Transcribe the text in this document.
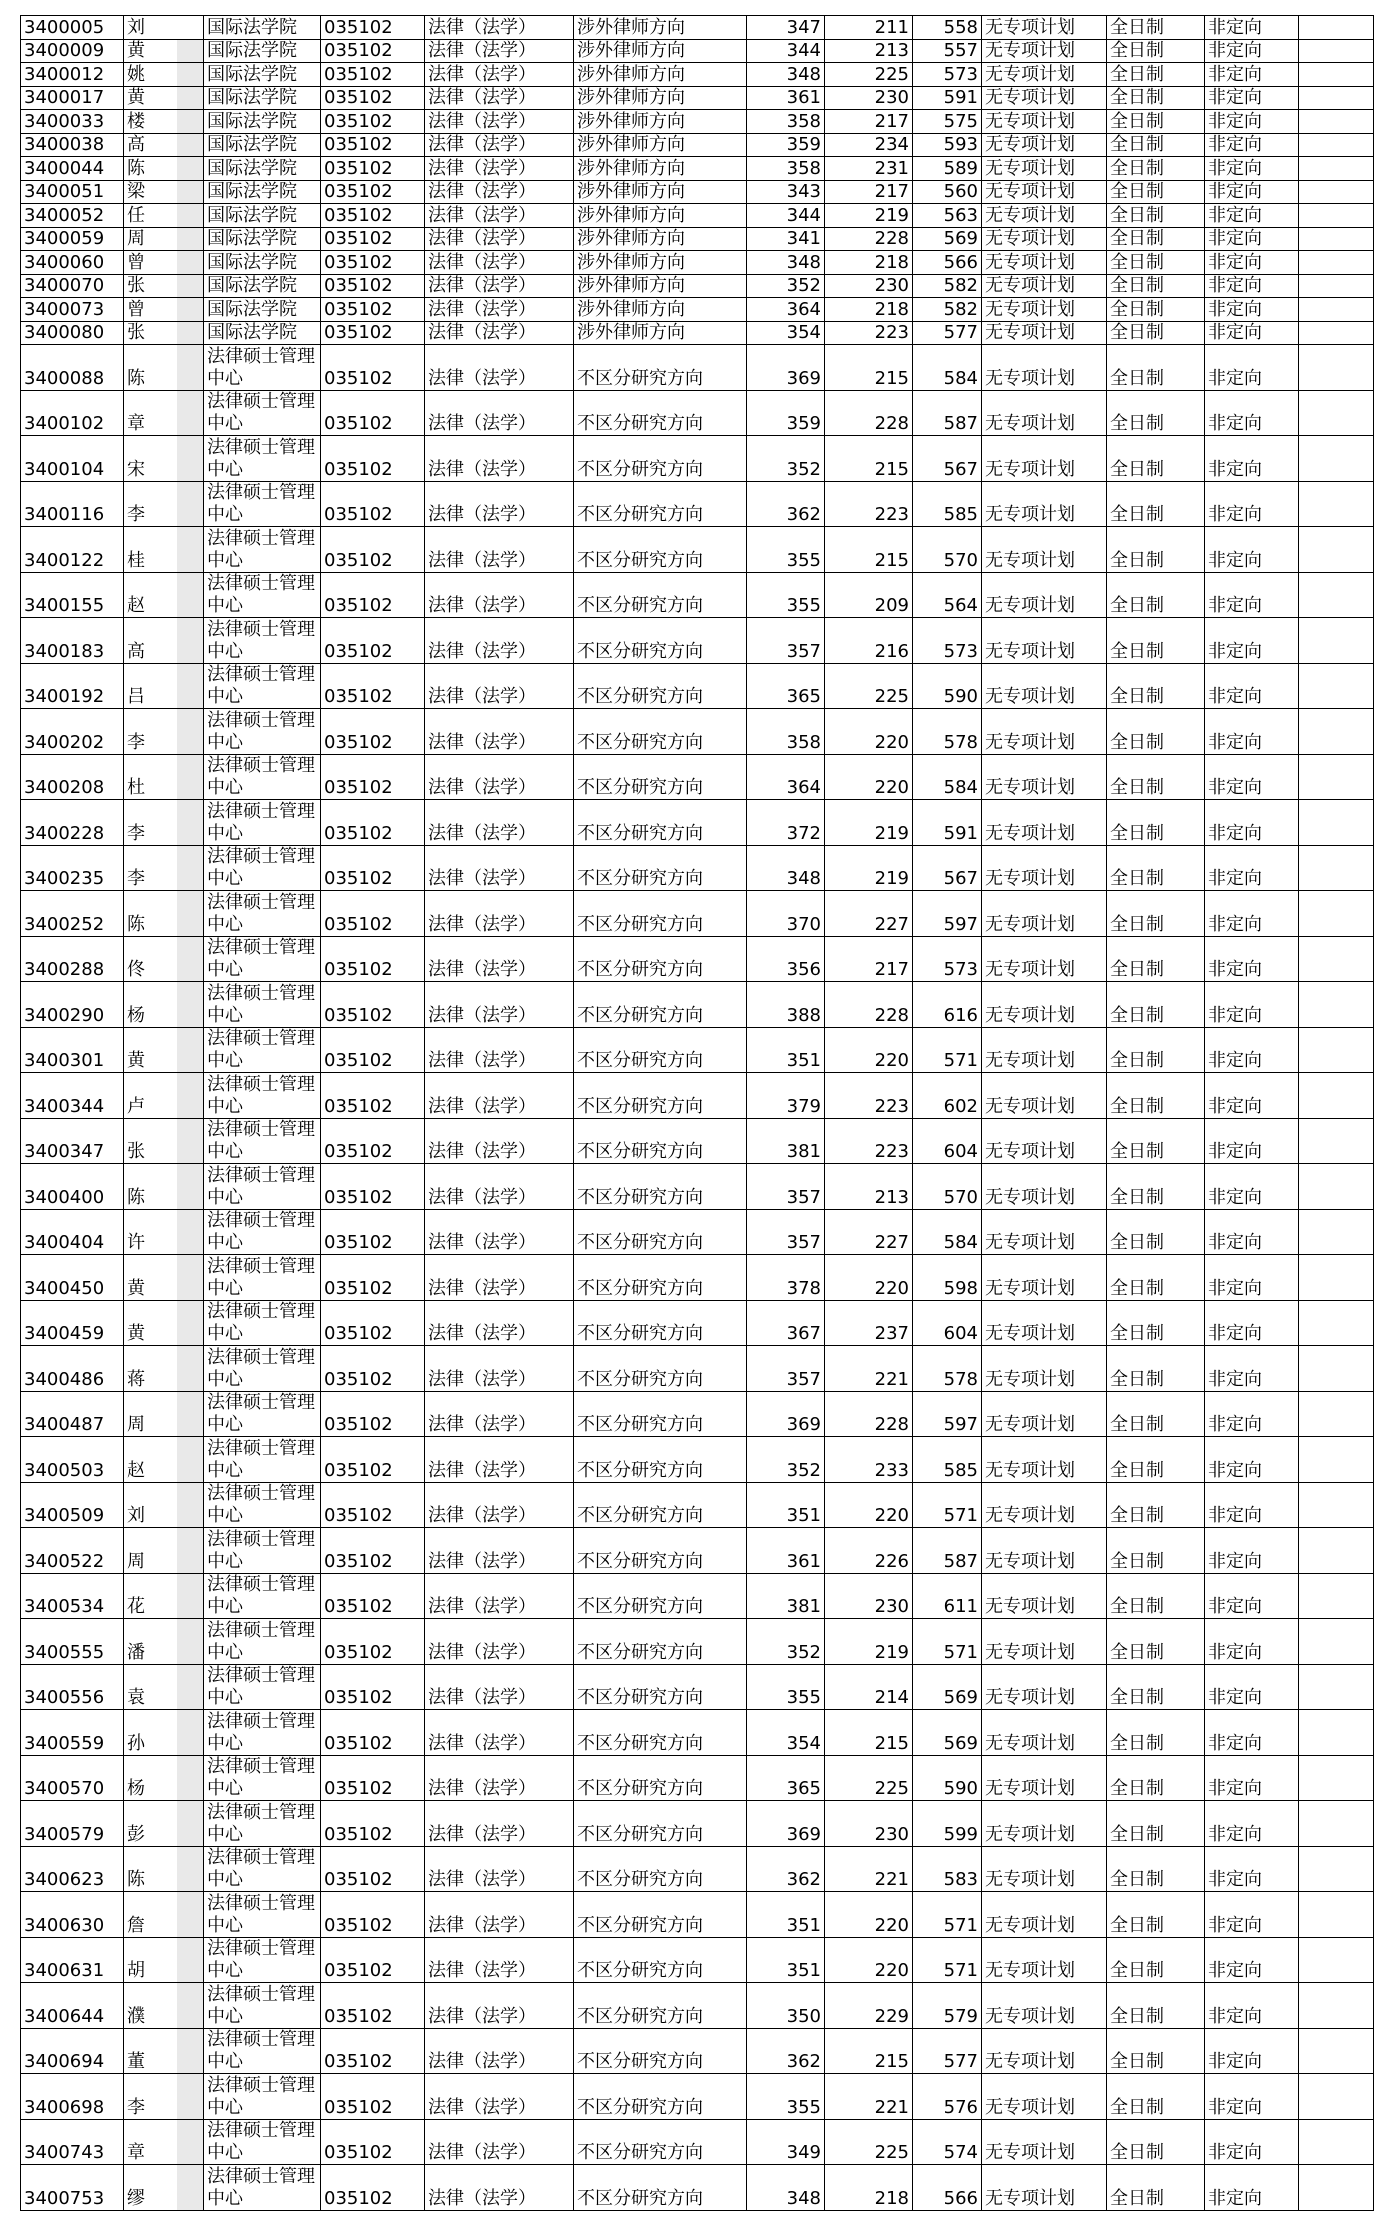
3400005	刘	国际法学院	035102	法律（法学）	涉外律师方向	347	211	558	无专项计划	全日制	非定向	
3400009	黄	国际法学院	035102	法律（法学）	涉外律师方向	344	213	557	无专项计划	全日制	非定向	
3400012	姚	国际法学院	035102	法律（法学）	涉外律师方向	348	225	573	无专项计划	全日制	非定向	
3400017	黄	国际法学院	035102	法律（法学）	涉外律师方向	361	230	591	无专项计划	全日制	非定向	
3400033	楼	国际法学院	035102	法律（法学）	涉外律师方向	358	217	575	无专项计划	全日制	非定向	
3400038	高	国际法学院	035102	法律（法学）	涉外律师方向	359	234	593	无专项计划	全日制	非定向	
3400044	陈	国际法学院	035102	法律（法学）	涉外律师方向	358	231	589	无专项计划	全日制	非定向	
3400051	梁	国际法学院	035102	法律（法学）	涉外律师方向	343	217	560	无专项计划	全日制	非定向	
3400052	任	国际法学院	035102	法律（法学）	涉外律师方向	344	219	563	无专项计划	全日制	非定向	
3400059	周	国际法学院	035102	法律（法学）	涉外律师方向	341	228	569	无专项计划	全日制	非定向	
3400060	曾	国际法学院	035102	法律（法学）	涉外律师方向	348	218	566	无专项计划	全日制	非定向	
3400070	张	国际法学院	035102	法律（法学）	涉外律师方向	352	230	582	无专项计划	全日制	非定向	
3400073	曾	国际法学院	035102	法律（法学）	涉外律师方向	364	218	582	无专项计划	全日制	非定向	
3400080	张	国际法学院	035102	法律（法学）	涉外律师方向	354	223	577	无专项计划	全日制	非定向	
3400088	陈	法律硕士管理中心	035102	法律（法学）	不区分研究方向	369	215	584	无专项计划	全日制	非定向	
3400102	章	法律硕士管理中心	035102	法律（法学）	不区分研究方向	359	228	587	无专项计划	全日制	非定向	
3400104	宋	法律硕士管理中心	035102	法律（法学）	不区分研究方向	352	215	567	无专项计划	全日制	非定向	
3400116	李	法律硕士管理中心	035102	法律（法学）	不区分研究方向	362	223	585	无专项计划	全日制	非定向	
3400122	桂	法律硕士管理中心	035102	法律（法学）	不区分研究方向	355	215	570	无专项计划	全日制	非定向	
3400155	赵	法律硕士管理中心	035102	法律（法学）	不区分研究方向	355	209	564	无专项计划	全日制	非定向	
3400183	高	法律硕士管理中心	035102	法律（法学）	不区分研究方向	357	216	573	无专项计划	全日制	非定向	
3400192	吕	法律硕士管理中心	035102	法律（法学）	不区分研究方向	365	225	590	无专项计划	全日制	非定向	
3400202	李	法律硕士管理中心	035102	法律（法学）	不区分研究方向	358	220	578	无专项计划	全日制	非定向	
3400208	杜	法律硕士管理中心	035102	法律（法学）	不区分研究方向	364	220	584	无专项计划	全日制	非定向	
3400228	李	法律硕士管理中心	035102	法律（法学）	不区分研究方向	372	219	591	无专项计划	全日制	非定向	
3400235	李	法律硕士管理中心	035102	法律（法学）	不区分研究方向	348	219	567	无专项计划	全日制	非定向	
3400252	陈	法律硕士管理中心	035102	法律（法学）	不区分研究方向	370	227	597	无专项计划	全日制	非定向	
3400288	佟	法律硕士管理中心	035102	法律（法学）	不区分研究方向	356	217	573	无专项计划	全日制	非定向	
3400290	杨	法律硕士管理中心	035102	法律（法学）	不区分研究方向	388	228	616	无专项计划	全日制	非定向	
3400301	黄	法律硕士管理中心	035102	法律（法学）	不区分研究方向	351	220	571	无专项计划	全日制	非定向	
3400344	卢	法律硕士管理中心	035102	法律（法学）	不区分研究方向	379	223	602	无专项计划	全日制	非定向	
3400347	张	法律硕士管理中心	035102	法律（法学）	不区分研究方向	381	223	604	无专项计划	全日制	非定向	
3400400	陈	法律硕士管理中心	035102	法律（法学）	不区分研究方向	357	213	570	无专项计划	全日制	非定向	
3400404	许	法律硕士管理中心	035102	法律（法学）	不区分研究方向	357	227	584	无专项计划	全日制	非定向	
3400450	黄	法律硕士管理中心	035102	法律（法学）	不区分研究方向	378	220	598	无专项计划	全日制	非定向	
3400459	黄	法律硕士管理中心	035102	法律（法学）	不区分研究方向	367	237	604	无专项计划	全日制	非定向	
3400486	蒋	法律硕士管理中心	035102	法律（法学）	不区分研究方向	357	221	578	无专项计划	全日制	非定向	
3400487	周	法律硕士管理中心	035102	法律（法学）	不区分研究方向	369	228	597	无专项计划	全日制	非定向	
3400503	赵	法律硕士管理中心	035102	法律（法学）	不区分研究方向	352	233	585	无专项计划	全日制	非定向	
3400509	刘	法律硕士管理中心	035102	法律（法学）	不区分研究方向	351	220	571	无专项计划	全日制	非定向	
3400522	周	法律硕士管理中心	035102	法律（法学）	不区分研究方向	361	226	587	无专项计划	全日制	非定向	
3400534	花	法律硕士管理中心	035102	法律（法学）	不区分研究方向	381	230	611	无专项计划	全日制	非定向	
3400555	潘	法律硕士管理中心	035102	法律（法学）	不区分研究方向	352	219	571	无专项计划	全日制	非定向	
3400556	袁	法律硕士管理中心	035102	法律（法学）	不区分研究方向	355	214	569	无专项计划	全日制	非定向	
3400559	孙	法律硕士管理中心	035102	法律（法学）	不区分研究方向	354	215	569	无专项计划	全日制	非定向	
3400570	杨	法律硕士管理中心	035102	法律（法学）	不区分研究方向	365	225	590	无专项计划	全日制	非定向	
3400579	彭	法律硕士管理中心	035102	法律（法学）	不区分研究方向	369	230	599	无专项计划	全日制	非定向	
3400623	陈	法律硕士管理中心	035102	法律（法学）	不区分研究方向	362	221	583	无专项计划	全日制	非定向	
3400630	詹	法律硕士管理中心	035102	法律（法学）	不区分研究方向	351	220	571	无专项计划	全日制	非定向	
3400631	胡	法律硕士管理中心	035102	法律（法学）	不区分研究方向	351	220	571	无专项计划	全日制	非定向	
3400644	濮	法律硕士管理中心	035102	法律（法学）	不区分研究方向	350	229	579	无专项计划	全日制	非定向	
3400694	董	法律硕士管理中心	035102	法律（法学）	不区分研究方向	362	215	577	无专项计划	全日制	非定向	
3400698	李	法律硕士管理中心	035102	法律（法学）	不区分研究方向	355	221	576	无专项计划	全日制	非定向	
3400743	章	法律硕士管理中心	035102	法律（法学）	不区分研究方向	349	225	574	无专项计划	全日制	非定向	
3400753	缪	法律硕士管理中心	035102	法律（法学）	不区分研究方向	348	218	566	无专项计划	全日制	非定向	
